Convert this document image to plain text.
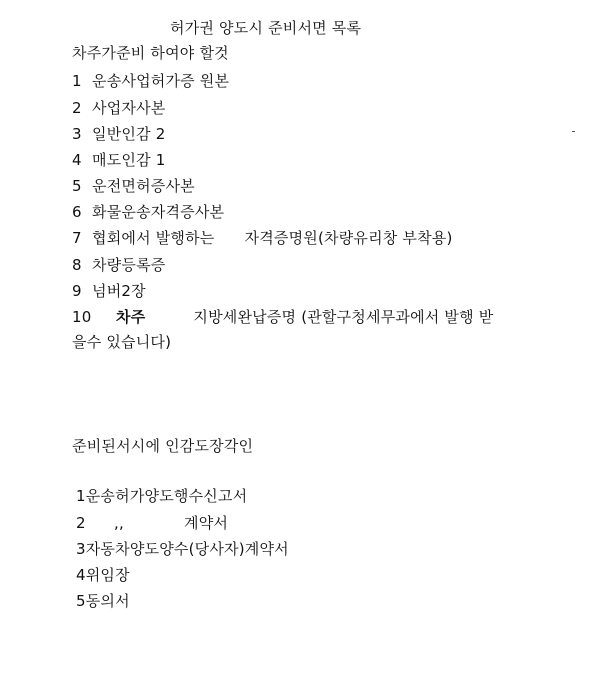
허가권 양도시 준비서면 목록
차주가준비 하여야 할것
1 운송사업허가증 원본
2 사업자사본
3 일반인감 2
4 매도인감 1
5 운전면허증사본
6 화물운송자격증사본
7 협회에서 발행하는 자격증명원(차량유리창 부착용)
8 차량등록증
9 넘버2장
10 차주	지방세완납증명 (관할구청세무과에서 발행 받
을수 있습니다)
준비된서시에 인감도장각인
1운송허가양도행수신고서
2 ,,	계약서
3자동차양도양수(당사자)계약서
4위임장
5동의서
